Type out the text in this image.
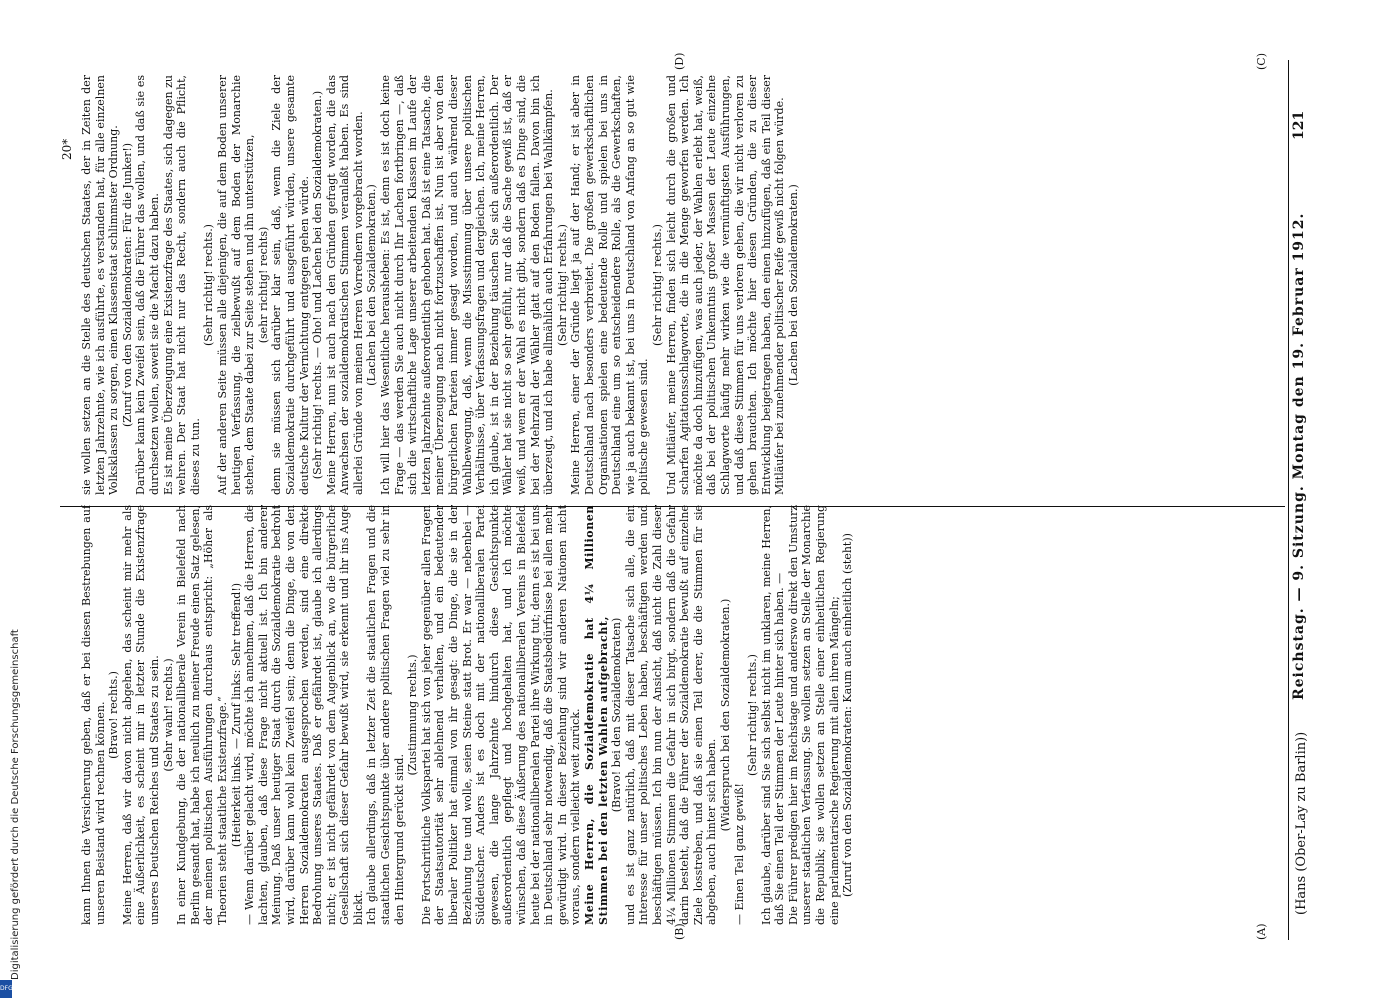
(Hans (Ober-Lay zu Barlin))
Reichstag. — 9. Sitzung. Montag den 19. Februar 1912.
121
(A)
(B)
(C)
(D)

kann Ihnen die Versicherung geben, daß er bei diesen Bestrebungen auf unseren Beistand wird rechnen können. (Bravo! rechts.) Meine Herren, daß wir davon nicht abgehen, das scheint mir mehr als eine Äußerlichkeit, es scheint mir in letzter Stunde die Existenzfrage unseres Deutschen Reiches und Staates zu sein. (Sehr wahr! rechts.) In einer Kundgebung, die der nationalliberale Verein in Bielefeld nach Berlin gesandt hat, habe ich neulich zu meiner Freude einen Satz gelesen, der meinen politischen Ausführungen durchaus entspricht: „Höher als Theorien steht staatliche Existenzfrage.“ (Heiterkeit links. — Zuruf links: Sehr treffend!) — Wenn darüber gelacht wird, möchte ich annehmen, daß die Herren, die lachten, glauben, daß diese Frage nicht aktuell ist. Ich bin anderer Meinung. Daß unser heutiger Staat durch die Sozialdemokratie bedroht wird, darüber kann wohl kein Zweifel sein; denn die Dinge, die von den Herren Sozialdemokraten ausgesprochen werden, sind eine direkte Bedrohung unseres Staates. Daß er gefährdet ist, glaube ich allerdings nicht; er ist nicht gefährdet von dem Augenblick an, wo die bürgerliche Gesellschaft sich dieser Gefahr bewußt wird, sie erkennt und ihr ins Auge blickt. Ich glaube allerdings, daß in letzter Zeit die staatlichen Fragen und die staatlichen Gesichtspunkte über andere politischen Fragen viel zu sehr in den Hintergrund gerückt sind.

(Zustimmung rechts.) Die Fortschrittliche Volkspartei hat sich von jeher gegenüber allen Fragen der Staatsautorität sehr ablehnend verhalten, und ein bedeutender liberaler Politiker hat einmal von ihr gesagt: die Dinge, die sie in der Beziehung tue und wolle, seien Steine statt Brot. Er war — nebenbei — Süddeutscher. Anders ist es doch mit der nationalliberalen Partei gewesen, die lange Jahrzehnte hindurch diese Gesichtspunkte außerordentlich gepflegt und hochgehalten hat, und ich möchte wünschen, daß diese Äußerung des nationalliberalen Vereins in Bielefeld heute bei der nationalliberalen Partei ihre Wirkung tut; denn es ist bei uns in Deutschland sehr notwendig, daß die Staatsbedürfnisse bei allen mehr gewürdigt wird. In dieser Beziehung sind wir anderen Nationen nicht voraus, sondern vielleicht weit zurück. Meine Herren, die Sozialdemokratie hat 4¼ Millionen Stimmen bei den letzten Wahlen aufgebracht, (Bravo! bei den Sozialdemokraten) und es ist ganz natürlich, daß mit dieser Tatsache sich alle, die ein Interesse für unser politisches Leben haben, beschäftigen werden und beschäftigen müssen. Ich bin nun der Ansicht, daß nicht die Zahl dieser 4¼ Millionen Stimmen die Gefahr in sich birgt, sondern daß die Gefahr darin besteht, daß die Führer der Sozialdemokratie bewußt auf einzelne Ziele losstreben, und daß sie einen Teil derer, die die Stimmen für sie abgeben, auch hinter sich haben.

(Widerspruch bei den Sozialdemokraten.)

— Einen Teil ganz gewiß!

(Sehr richtig! rechts.) Ich glaube, darüber sind Sie sich selbst nicht im unklaren, meine Herren, daß Sie einen Teil der Stimmen der Leute hinter sich haben. — Die Führer predigen hier im Reichstage und anderswo direkt den Umsturz unserer staatlichen Verfassung. Sie wollen setzen an Stelle der Monarchie die Republik; sie wollen setzen an Stelle einer einheitlichen Regierung eine parlamentarische Regierung mit allen ihren Mängeln; (Zuruf von den Sozialdemokraten: Kaum auch einheitlich (steht))

sie wollen setzen an die Stelle des deutschen Staates, der in Zeiten der letzten Jahrzehnte, wie ich ausführte, es verstanden hat, für alle einzelnen Volksklassen zu sorgen, einen Klassenstaat schlimmster Ordnung. (Zuruf von den Sozialdemokraten: Für die Junker!) Darüber kann kein Zweifel sein, daß die Führer das wollen, und daß sie es durchsetzen wollen, soweit sie die Macht dazu haben. Es ist meine Überzeugung eine Existenzfrage des Staates, sich dagegen zu wehren. Der Staat hat nicht nur das Recht, sondern auch die Pflicht, dieses zu tun.

(Sehr richtig! rechts.) Auf der anderen Seite müssen alle diejenigen, die auf dem Boden unserer heutigen Verfassung, die zielbewußt auf dem Boden der Monarchie stehen, dem Staate dabei zur Seite stehen und ihn unterstützen, (sehr richtig! rechts) denn sie müssen sich darüber klar sein, daß, wenn die Ziele der Sozialdemokratie durchgeführt und ausgeführt würden, unsere gesamte deutsche Kultur der Vernichtung entgegen gehen würde. (Sehr richtig! rechts. — Oho! und Lachen bei den Sozialdemokraten.) Meine Herren, nun ist auch nach den Gründen gefragt worden, die das Anwachsen der sozialdemokratischen Stimmen veranlaßt haben. Es sind allerlei Gründe von meinen Herren Vorrednern vorgebracht worden. (Lachen bei den Sozialdemokraten.) Ich will hier das Wesentliche herausheben: Es ist, denn es ist doch keine Frage — das werden Sie auch nicht durch Ihr Lachen fortbringen —, daß sich die wirtschaftliche Lage unserer arbeitenden Klassen im Laufe der letzten Jahrzehnte außerordentlich gehoben hat. Daß ist eine Tatsache, die meiner Überzeugung nach nicht fortzuschaffen ist. Nun ist aber von den bürgerlichen Parteien immer gesagt worden, und auch während dieser Wahlbewegung, daß, wenn die Missstimmung über unsere politischen Verhältnisse, über Verfassungsfragen und dergleichen. Ich, meine Herren, ich glaube, ist in der Beziehung täuschen Sie sich außerordentlich. Der Wähler hat sie nicht so sehr gefühlt, nur daß die Sache gewiß ist, daß er weiß, und wem er der Wahl es nicht gibt, sondern daß es Dinge sind, die bei der Mehrzahl der Wähler glatt auf den Boden fallen. Davon bin ich überzeugt, und ich habe allmählich auch Erfahrungen bei Wahlkämpfen. (Sehr richtig! rechts.) Meine Herren, einer der Gründe liegt ja auf der Hand; er ist aber in Deutschland nach besonders verbreitet. Die großen gewerkschaftlichen Organisationen spielen eine bedeutende Rolle und spielen bei uns in Deutschland eine um so entscheidendere Rolle, als die Gewerkschaften, wie ja auch bekannt ist, bei uns in Deutschland von Anfang an so gut wie politische gewesen sind.

(Sehr richtig! rechts.) Und Mitläufer, meine Herren, finden sich leicht durch die großen und scharfen Agitationsschlagworte, die in die Menge geworfen werden. Ich möchte da doch hinzufügen, was auch jeder, der Wahlen erlebt hat, weiß, daß bei der politischen Unkenntnis großer Massen der Leute einzelne Schlagworte häufig mehr wirken wie die vernünftigsten Ausführungen, und daß diese Stimmen für uns verloren gehen, die wir nicht verloren zu gehen brauchten. Ich möchte hier diesen Gründen, die zu dieser Entwicklung beigetragen haben, den einen hinzufügen, daß ein Teil dieser Mitläufer bei zunehmender politischer Reife gewiß nicht folgen würde. (Lachen bei den Sozialdemokraten.)

20*
Digitalisierung gefördert durch die Deutsche Forschungsgemeinschaft
DFG
